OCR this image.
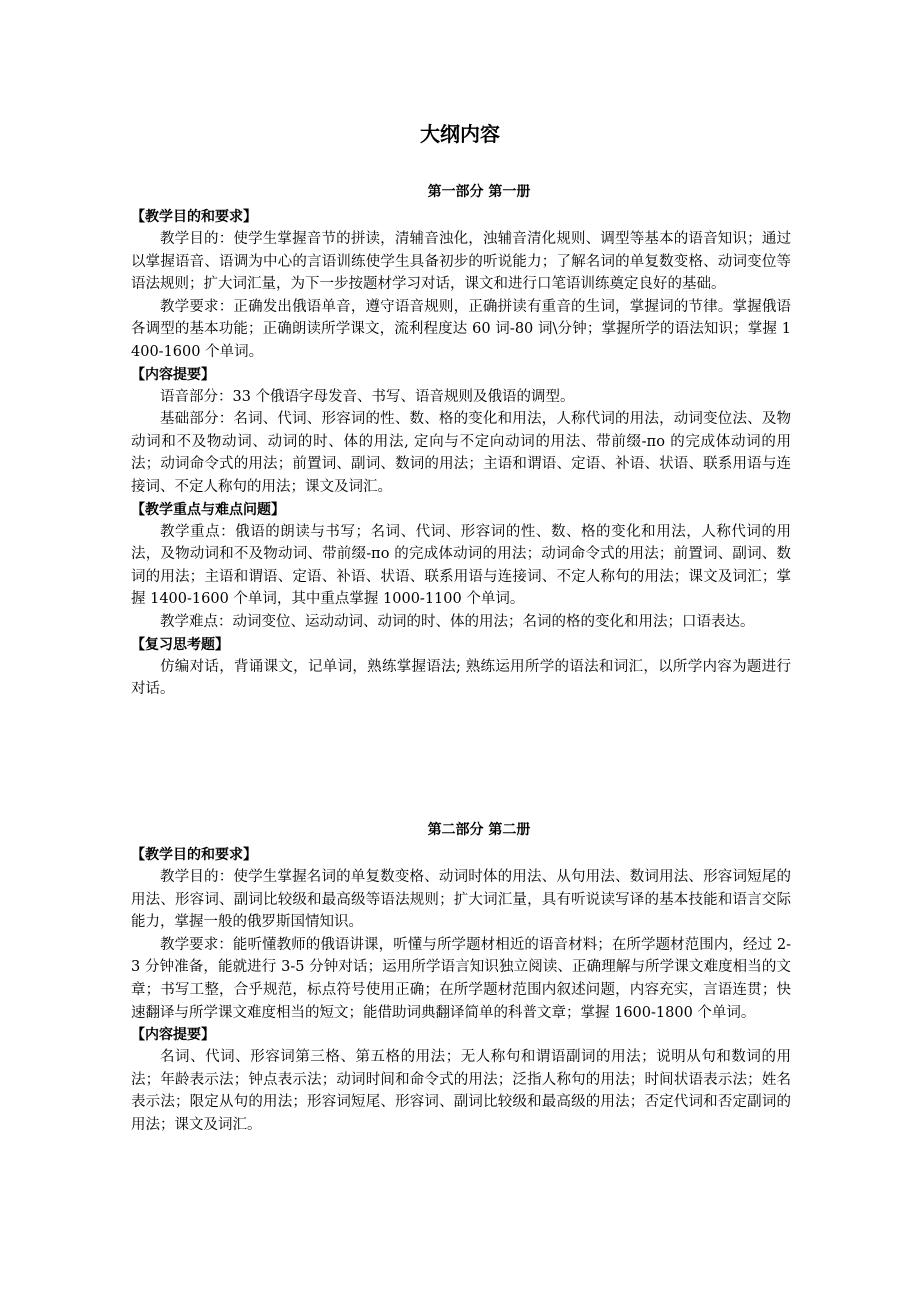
大纲内容
第一部分 第一册
【教学目的和要求】

教学目的：使学生掌握音节的拼读，清辅音浊化，浊辅音清化规则、调型等基本的语音知识；通过以掌握语音、语调为中心的言语训练使学生具备初步的听说能力；了解名词的单复数变格、动词变位等语法规则；扩大词汇量，为下一步按题材学习对话，课文和进行口笔语训练奠定良好的基础。

教学要求：正确发出俄语单音，遵守语音规则，正确拼读有重音的生词，掌握词的节律。掌握俄语各调型的基本功能；正确朗读所学课文，流利程度达 60 词-80 词\分钟；掌握所学的语法知识；掌握 1400-1600 个单词。

【内容提要】

语音部分：33 个俄语字母发音、书写、语音规则及俄语的调型。

基础部分：名词、代词、形容词的性、数、格的变化和用法，人称代词的用法，动词变位法、及物动词和不及物动词、动词的时、体的用法, 定向与不定向动词的用法、带前缀-по 的完成体动词的用法；动词命令式的用法；前置词、副词、数词的用法；主语和谓语、定语、补语、状语、联系用语与连接词、不定人称句的用法；课文及词汇。

【教学重点与难点问题】

教学重点：俄语的朗读与书写；名词、代词、形容词的性、数、格的变化和用法，人称代词的用法，及物动词和不及物动词、带前缀-по 的完成体动词的用法；动词命令式的用法；前置词、副词、数词的用法；主语和谓语、定语、补语、状语、联系用语与连接词、不定人称句的用法；课文及词汇；掌握 1400-1600 个单词，其中重点掌握 1000-1100 个单词。

教学难点：动词变位、运动动词、动词的时、体的用法；名词的格的变化和用法；口语表达。

【复习思考题】

仿编对话，背诵课文，记单词，熟练掌握语法; 熟练运用所学的语法和词汇，以所学内容为题进行对话。

第二部分 第二册
【教学目的和要求】

教学目的：使学生掌握名词的单复数变格、动词时体的用法、从句用法、数词用法、形容词短尾的用法、形容词、副词比较级和最高级等语法规则；扩大词汇量，具有听说读写译的基本技能和语言交际能力，掌握一般的俄罗斯国情知识。

教学要求：能听懂教师的俄语讲课，听懂与所学题材相近的语音材料；在所学题材范围内，经过 2-3 分钟准备，能就进行 3-5 分钟对话；运用所学语言知识独立阅读、正确理解与所学课文难度相当的文章；书写工整，合乎规范，标点符号使用正确；在所学题材范围内叙述问题，内容充实，言语连贯；快速翻译与所学课文难度相当的短文；能借助词典翻译简单的科普文章；掌握 1600-1800 个单词。

【内容提要】

名词、代词、形容词第三格、第五格的用法；无人称句和谓语副词的用法；说明从句和数词的用法；年龄表示法；钟点表示法；动词时间和命令式的用法；泛指人称句的用法；时间状语表示法；姓名表示法；限定从句的用法；形容词短尾、形容词、副词比较级和最高级的用法；否定代词和否定副词的用法；课文及词汇。
